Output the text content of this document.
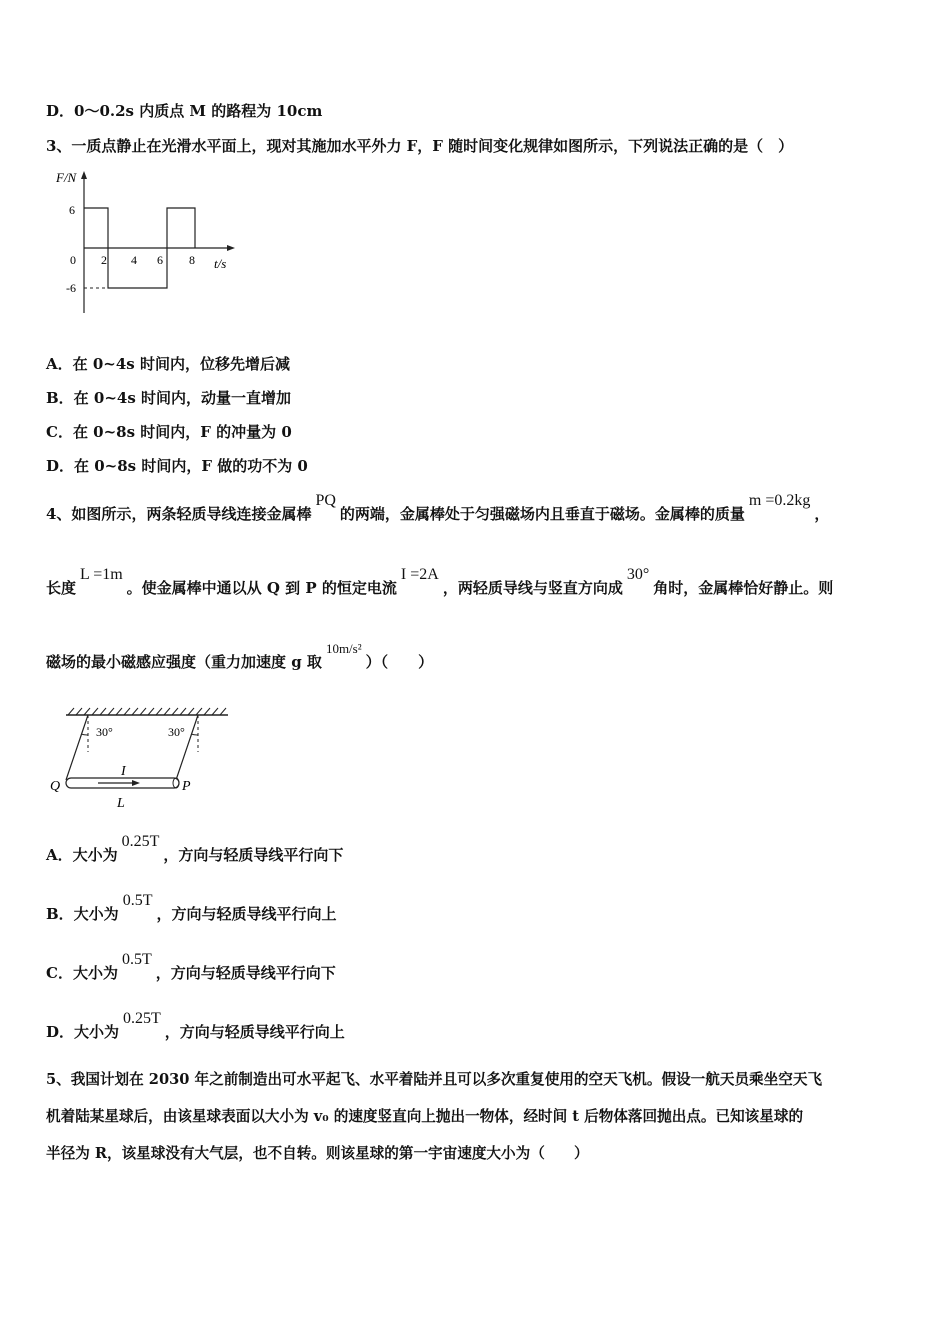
D．0～0.2s 内质点 M 的路程为 10cm
3、一质点静止在光滑水平面上，现对其施加水平外力 F，F 随时间变化规律如图所示，下列说法正确的是（　）
F/N
t/s
6
0
-6
2 4 6 8
A．在 0~4s 时间内，位移先增后减
B．在 0~4s 时间内，动量一直增加
C．在 0~8s 时间内，F 的冲量为 0
D．在 0~8s 时间内，F 做的功不为 0
4、如图所示，两条轻质导线连接金属棒PQ的两端，金属棒处于匀强磁场内且垂直于磁场。金属棒的质量m =0.2kg，
长度L =1m。使金属棒中通以从 Q 到 P 的恒定电流I =2A，两轻质导线与竖直方向成30°角时，金属棒恰好静止。则
磁场的最小磁感应强度（重力加速度 g 取10m/s²）（　　）
30°	30°
Q	P
I
L
A．大小为0.25T，方向与轻质导线平行向下
B．大小为0.5T，方向与轻质导线平行向上
C．大小为0.5T，方向与轻质导线平行向下
D．大小为0.25T，方向与轻质导线平行向上
5、我国计划在 2030 年之前制造出可水平起飞、水平着陆并且可以多次重复使用的空天飞机。假设一航天员乘坐空天飞
机着陆某星球后，由该星球表面以大小为 v₀ 的速度竖直向上抛出一物体，经时间 t 后物体落回抛出点。已知该星球的
半径为 R，该星球没有大气层，也不自转。则该星球的第一宇宙速度大小为（　　）
